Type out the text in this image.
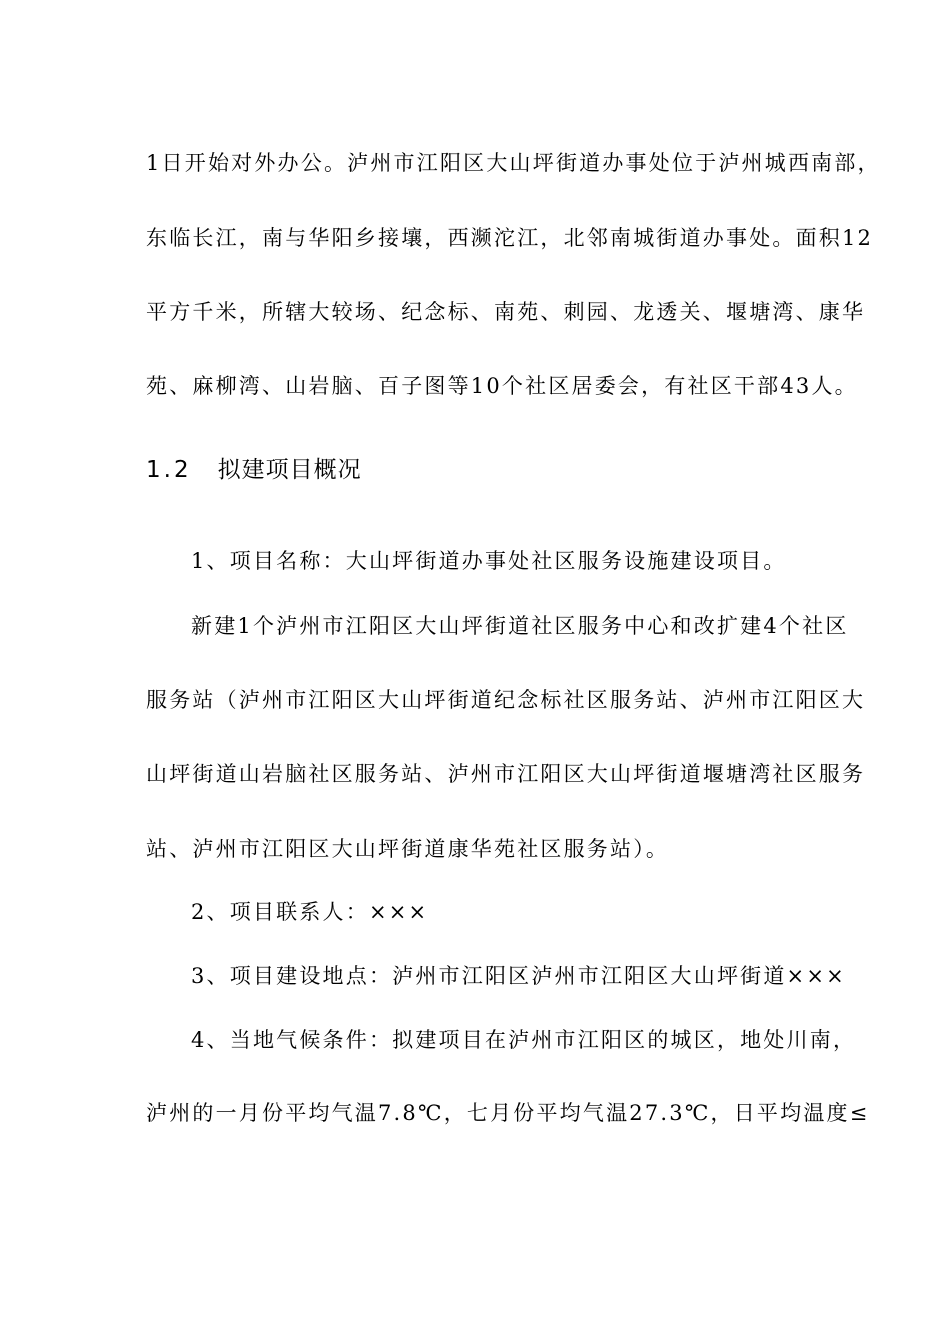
1日开始对外办公。泸州市江阳区大山坪街道办事处位于泸州城西南部，
东临长江，南与华阳乡接壤，西濒沱江，北邻南城街道办事处。面积12
平方千米，所辖大较场、纪念标、南苑、刺园、龙透关、堰塘湾、康华
苑、麻柳湾、山岩脑、百子图等10个社区居委会，有社区干部43人。
1.2 拟建项目概况
1、项目名称：大山坪街道办事处社区服务设施建设项目。
新建1个泸州市江阳区大山坪街道社区服务中心和改扩建4个社区
服务站（泸州市江阳区大山坪街道纪念标社区服务站、泸州市江阳区大
山坪街道山岩脑社区服务站、泸州市江阳区大山坪街道堰塘湾社区服务
站、泸州市江阳区大山坪街道康华苑社区服务站）。
2、项目联系人：×××
3、项目建设地点：泸州市江阳区泸州市江阳区大山坪街道×××
4、当地气候条件：拟建项目在泸州市江阳区的城区，地处川南，
泸州的一月份平均气温7.8℃，七月份平均气温27.3℃，日平均温度≤
